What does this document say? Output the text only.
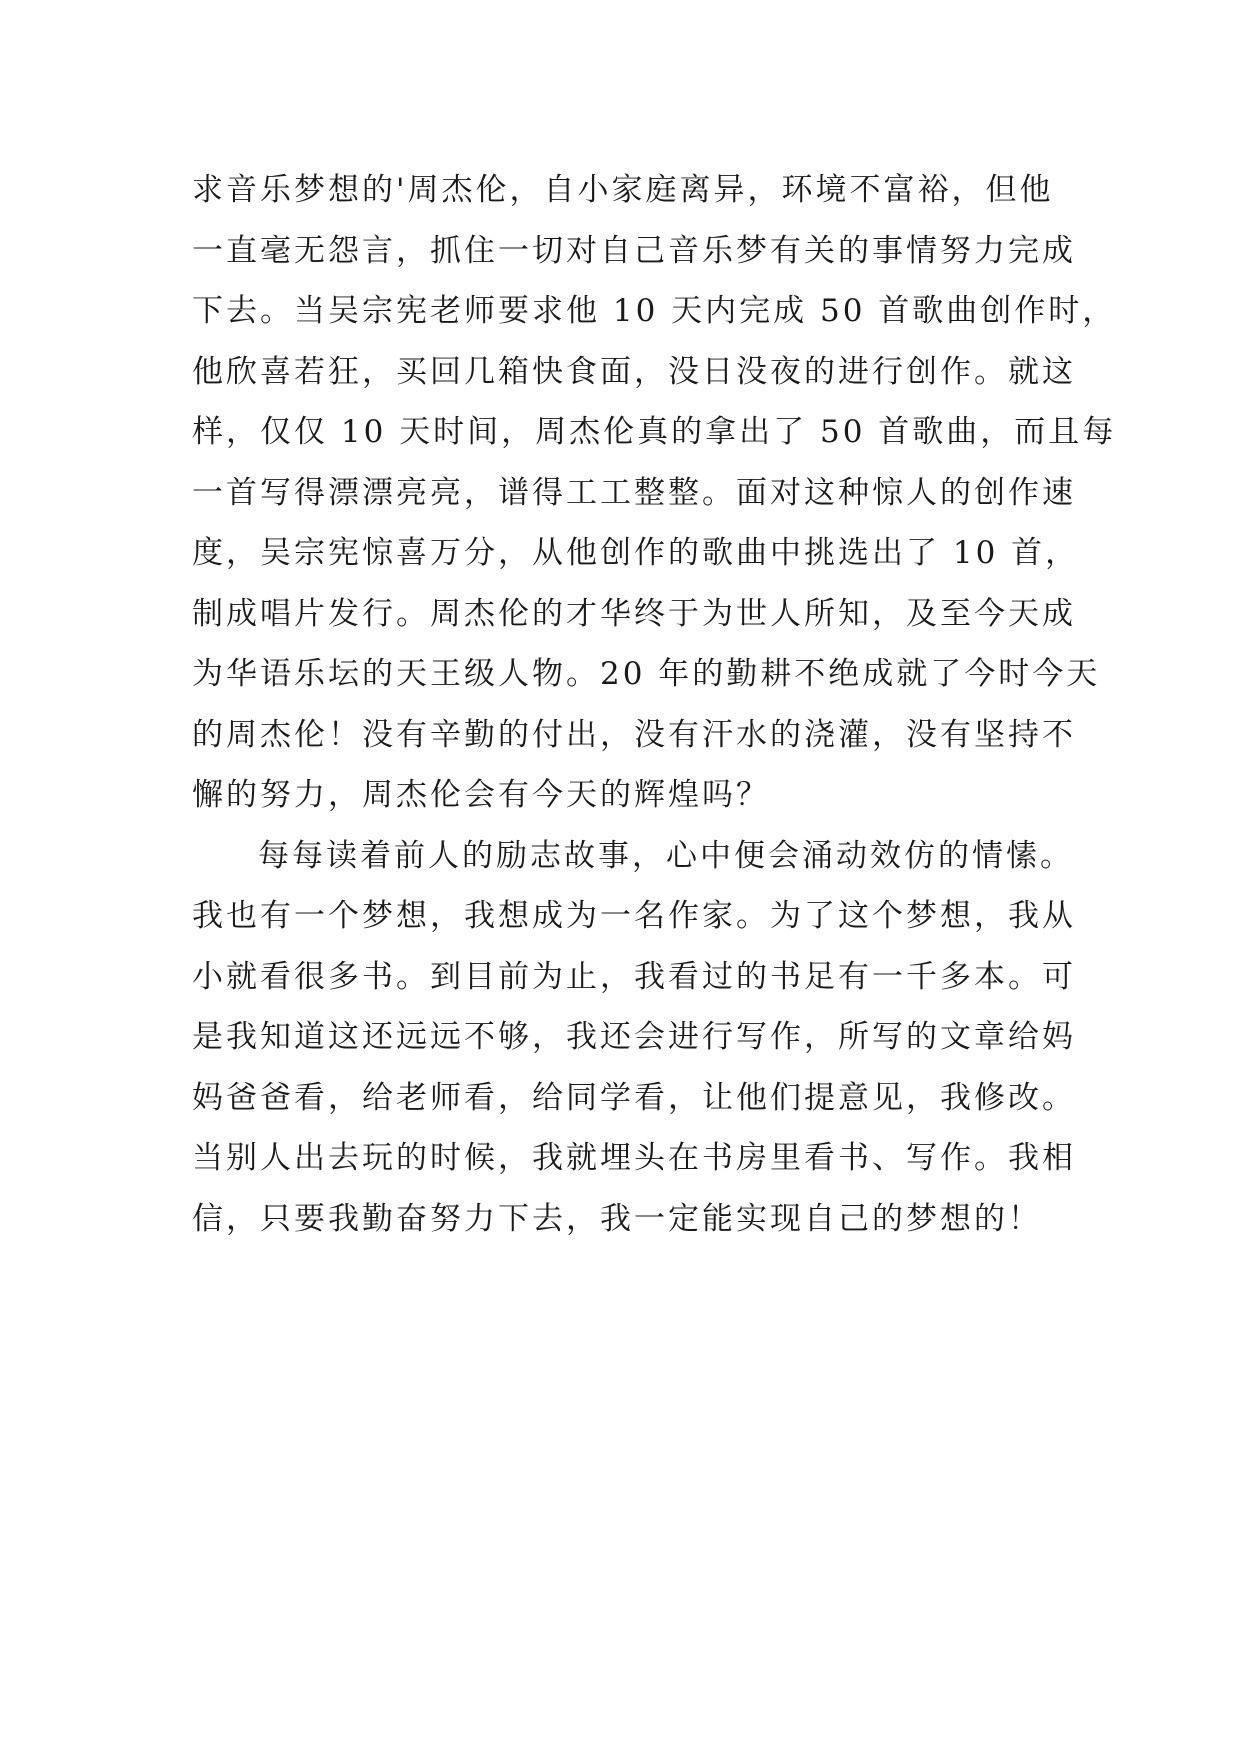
求音乐梦想的'周杰伦，自小家庭离异，环境不富裕，但他
一直毫无怨言，抓住一切对自己音乐梦有关的事情努力完成
下去。当吴宗宪老师要求他 10 天内完成 50 首歌曲创作时，
他欣喜若狂，买回几箱快食面，没日没夜的进行创作。就这
样，仅仅 10 天时间，周杰伦真的拿出了 50 首歌曲，而且每
一首写得漂漂亮亮，谱得工工整整。面对这种惊人的创作速
度，吴宗宪惊喜万分，从他创作的歌曲中挑选出了 10 首，
制成唱片发行。周杰伦的才华终于为世人所知，及至今天成
为华语乐坛的天王级人物。20 年的勤耕不绝成就了今时今天
的周杰伦！没有辛勤的付出，没有汗水的浇灌，没有坚持不
懈的努力，周杰伦会有今天的辉煌吗？
每每读着前人的励志故事，心中便会涌动效仿的情愫。
我也有一个梦想，我想成为一名作家。为了这个梦想，我从
小就看很多书。到目前为止，我看过的书足有一千多本。可
是我知道这还远远不够，我还会进行写作，所写的文章给妈
妈爸爸看，给老师看，给同学看，让他们提意见，我修改。
当别人出去玩的时候，我就埋头在书房里看书、写作。我相
信，只要我勤奋努力下去，我一定能实现自己的梦想的！
